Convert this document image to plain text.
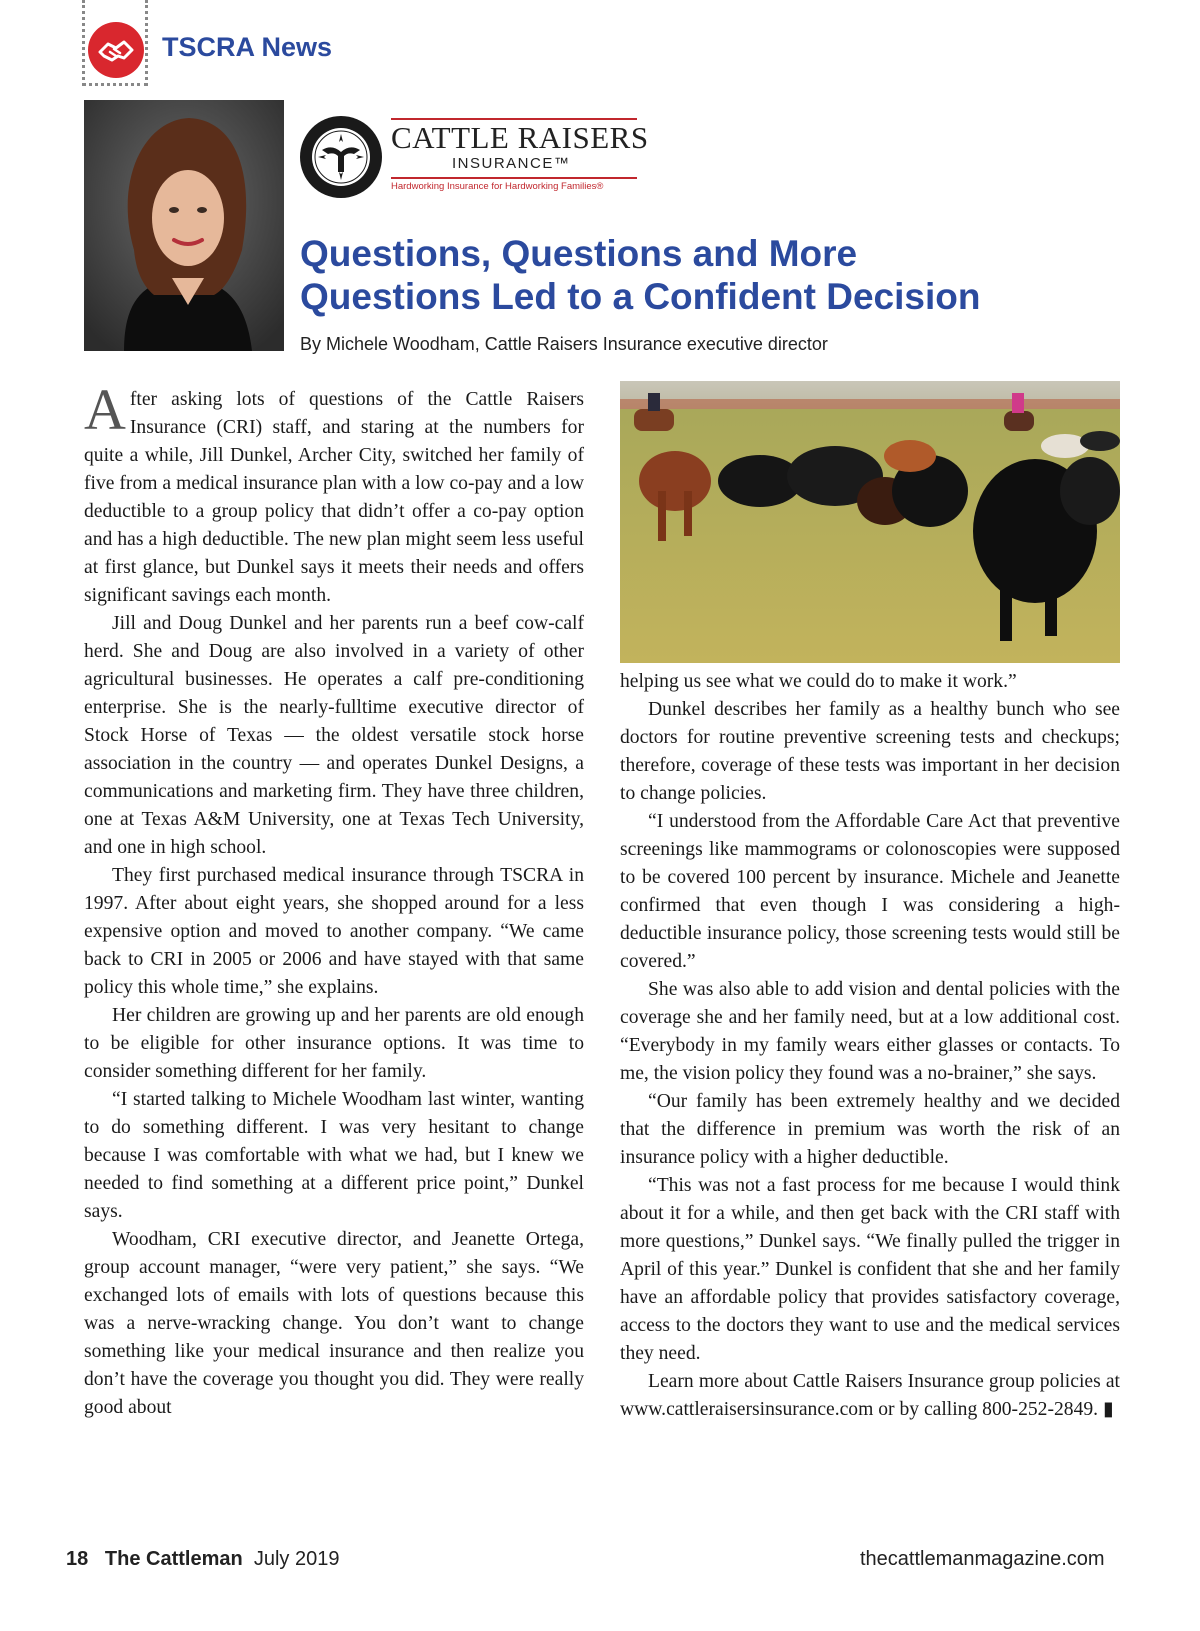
TSCRA News
CATTLE RAISERS
INSURANCE™
Hardworking Insurance for Hardworking Families®
Questions, Questions and More
Questions Led to a Confident Decision
By Michele Woodham, Cattle Raisers Insurance executive director

After asking lots of questions of the Cattle Raisers Insurance (CRI) staff, and staring at the numbers for quite a while, Jill Dunkel, Archer City, switched her family of five from a medical insurance plan with a low co-pay and a low deductible to a group policy that didn’t offer a co-pay option and has a high deductible. The new plan might seem less useful at first glance, but Dunkel says it meets their needs and offers significant savings each month.

Jill and Doug Dunkel and her parents run a beef cow-calf herd. She and Doug are also involved in a variety of other agricultural businesses. He operates a calf pre-conditioning enterprise. She is the nearly-fulltime executive director of Stock Horse of Texas — the oldest versatile stock horse association in the country — and operates Dunkel Designs, a communications and marketing firm. They have three children, one at Texas A&M University, one at Texas Tech University, and one in high school.

They first purchased medical insurance through TSCRA in 1997. After about eight years, she shopped around for a less expensive option and moved to another company. “We came back to CRI in 2005 or 2006 and have stayed with that same policy this whole time,” she explains.

Her children are growing up and her parents are old enough to be eligible for other insurance options. It was time to consider something different for her family.

“I started talking to Michele Woodham last winter, wanting to do something different. I was very hesitant to change because I was comfortable with what we had, but I knew we needed to find something at a different price point,” Dunkel says.

Woodham, CRI executive director, and Jeanette Ortega, group account manager, “were very patient,” she says. “We exchanged lots of emails with lots of questions because this was a nerve-wracking change. You don’t want to change something like your medical insurance and then realize you don’t have the coverage you thought you did. They were really good about

helping us see what we could do to make it work.”

Dunkel describes her family as a healthy bunch who see doctors for routine preventive screening tests and checkups; therefore, coverage of these tests was important in her decision to change policies.

“I understood from the Affordable Care Act that preventive screenings like mammograms or colonoscopies were supposed to be covered 100 percent by insurance. Michele and Jeanette confirmed that even though I was considering a high-deductible insurance policy, those screening tests would still be covered.”

She was also able to add vision and dental policies with the coverage she and her family need, but at a low additional cost. “Everybody in my family wears either glasses or contacts. To me, the vision policy they found was a no-brainer,” she says.

“Our family has been extremely healthy and we decided that the difference in premium was worth the risk of an insurance policy with a higher deductible.

“This was not a fast process for me because I would think about it for a while, and then get back with the CRI staff with more questions,” Dunkel says. “We finally pulled the trigger in April of this year.” Dunkel is confident that she and her family have an affordable policy that provides satisfactory coverage, access to the doctors they want to use and the medical services they need.

Learn more about Cattle Raisers Insurance group policies at www.cattleraisersinsurance.com or by calling 800-252-2849. ▮

18 The Cattleman July 2019	thecattlemanmagazine.com
